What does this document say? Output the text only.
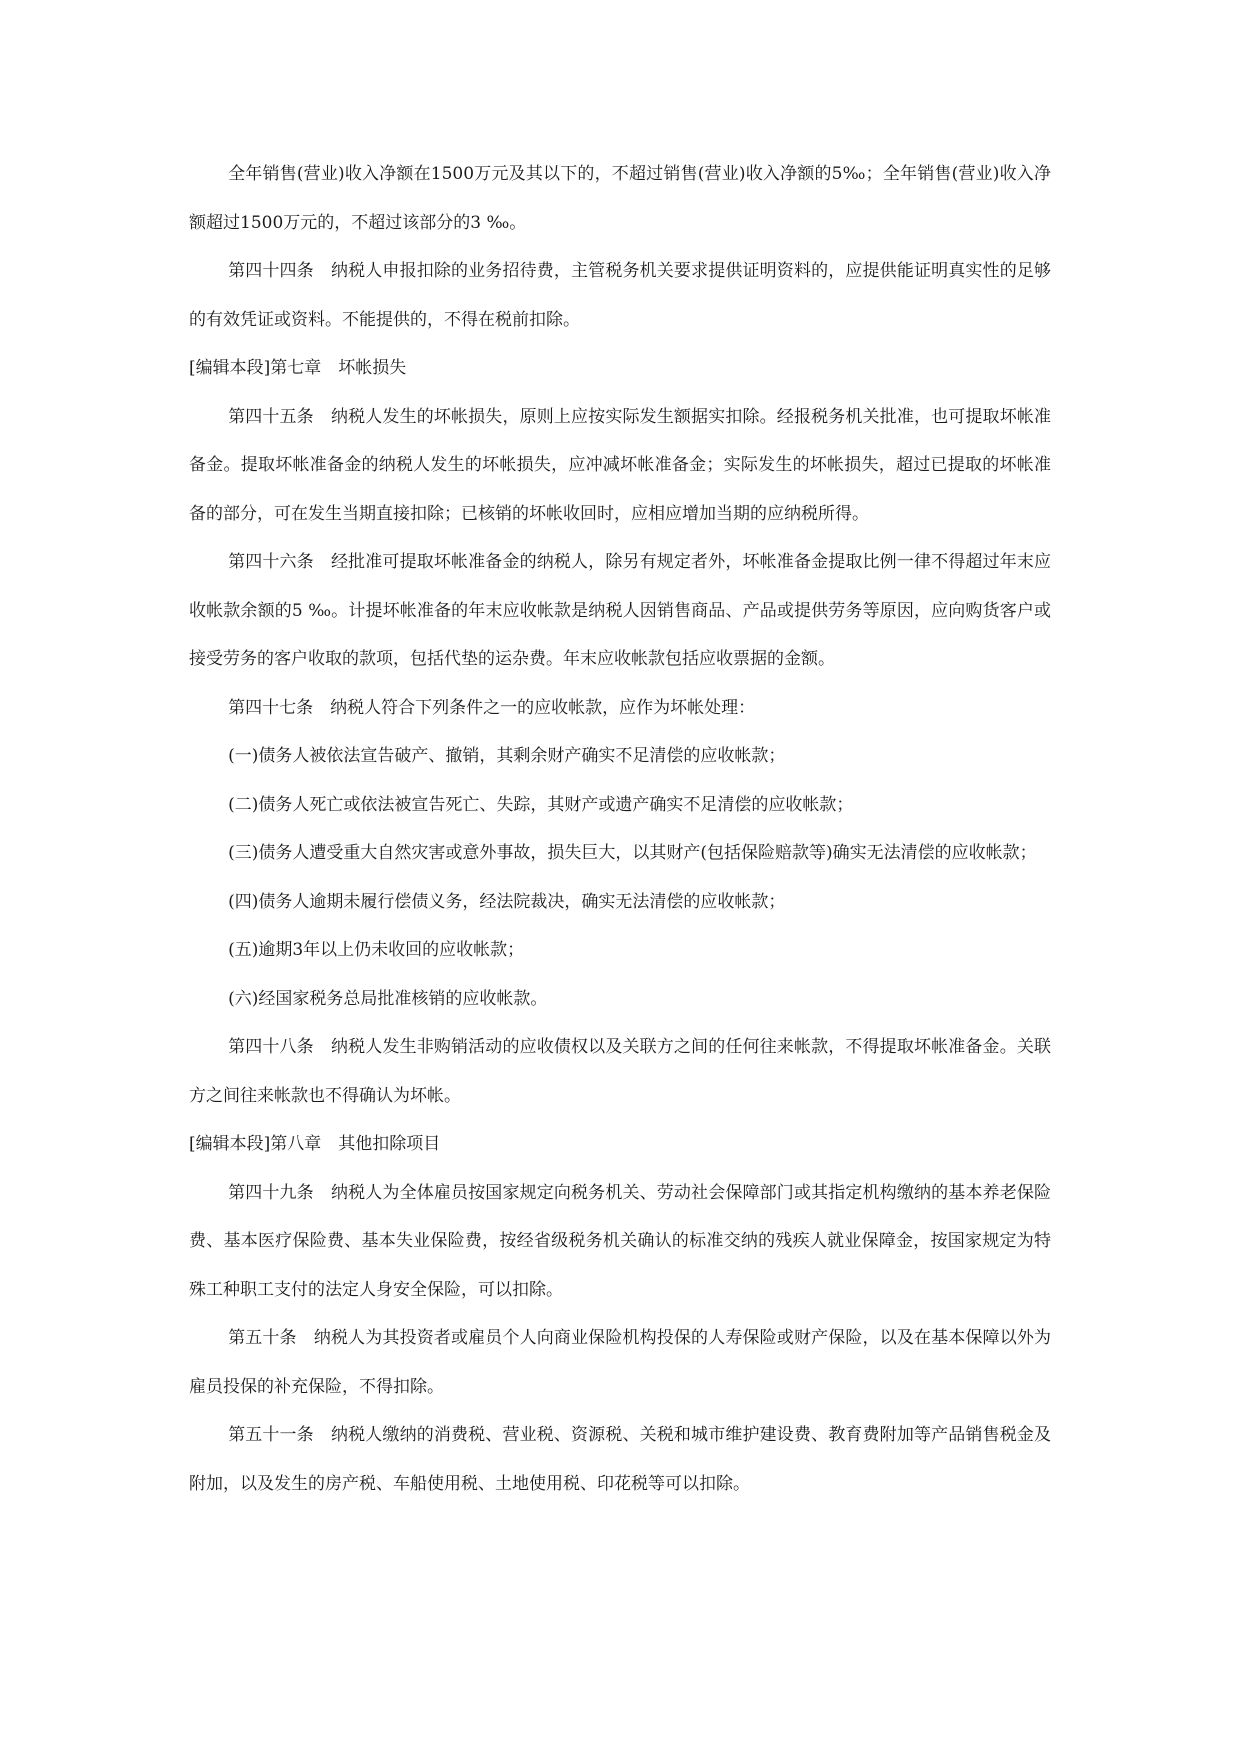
全年销售(营业)收入净额在1500万元及其以下的，不超过销售(营业)收入净额的5‰；全年销售(营业)收入净额超过1500万元的，不超过该部分的3 ‰。

第四十四条　纳税人申报扣除的业务招待费，主管税务机关要求提供证明资料的，应提供能证明真实性的足够的有效凭证或资料。不能提供的，不得在税前扣除。

[编辑本段]第七章　坏帐损失

第四十五条　纳税人发生的坏帐损失，原则上应按实际发生额据实扣除。经报税务机关批准，也可提取坏帐准备金。提取坏帐准备金的纳税人发生的坏帐损失，应冲减坏帐准备金；实际发生的坏帐损失，超过已提取的坏帐准备的部分，可在发生当期直接扣除；已核销的坏帐收回时，应相应增加当期的应纳税所得。

第四十六条　经批准可提取坏帐准备金的纳税人，除另有规定者外，坏帐准备金提取比例一律不得超过年末应收帐款余额的5 ‰。计提坏帐准备的年末应收帐款是纳税人因销售商品、产品或提供劳务等原因，应向购货客户或接受劳务的客户收取的款项，包括代垫的运杂费。年末应收帐款包括应收票据的金额。

第四十七条　纳税人符合下列条件之一的应收帐款，应作为坏帐处理：

(一)债务人被依法宣告破产、撤销，其剩余财产确实不足清偿的应收帐款；

(二)债务人死亡或依法被宣告死亡、失踪，其财产或遗产确实不足清偿的应收帐款；

(三)债务人遭受重大自然灾害或意外事故，损失巨大，以其财产(包括保险赔款等)确实无法清偿的应收帐款；

(四)债务人逾期未履行偿债义务，经法院裁决，确实无法清偿的应收帐款；

(五)逾期3年以上仍未收回的应收帐款；

(六)经国家税务总局批准核销的应收帐款。

第四十八条　纳税人发生非购销活动的应收债权以及关联方之间的任何往来帐款，不得提取坏帐准备金。关联方之间往来帐款也不得确认为坏帐。

[编辑本段]第八章　其他扣除项目

第四十九条　纳税人为全体雇员按国家规定向税务机关、劳动社会保障部门或其指定机构缴纳的基本养老保险费、基本医疗保险费、基本失业保险费，按经省级税务机关确认的标准交纳的残疾人就业保障金，按国家规定为特殊工种职工支付的法定人身安全保险，可以扣除。

第五十条　纳税人为其投资者或雇员个人向商业保险机构投保的人寿保险或财产保险，以及在基本保障以外为雇员投保的补充保险，不得扣除。

第五十一条　纳税人缴纳的消费税、营业税、资源税、关税和城市维护建设费、教育费附加等产品销售税金及附加，以及发生的房产税、车船使用税、土地使用税、印花税等可以扣除。
